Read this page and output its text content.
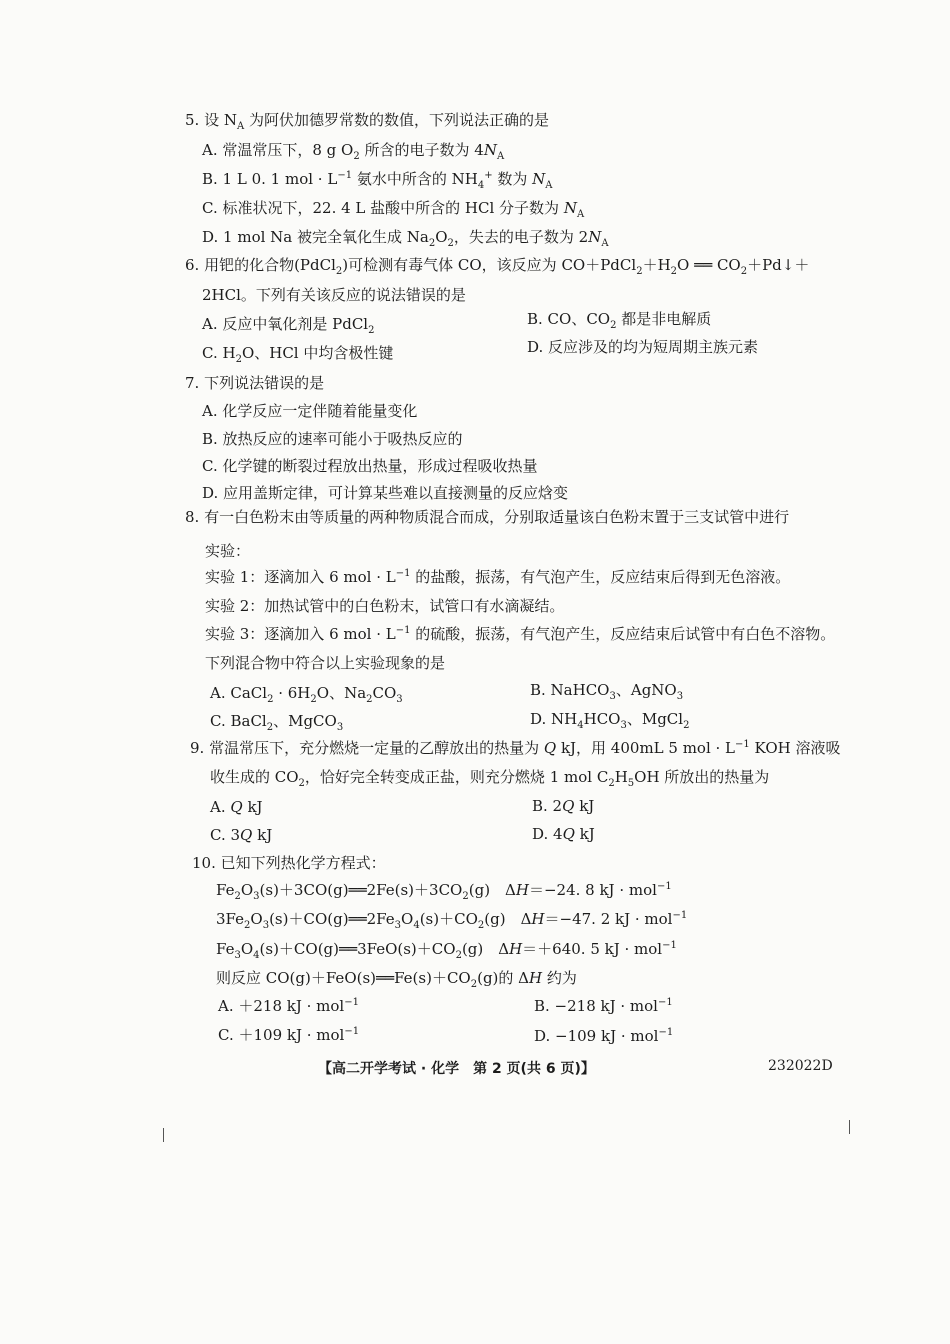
5. 设 $N_A$ 为阿伏加德罗常数的数值，下列说法正确的是
A. 常温常压下，8 g $O_2$ 所含的电子数为 $4N_A$
B. 1 L 0. 1 mol · $L^{-1}$ 氨水中所含的 $NH_4^+$ 数为 $N_A$
C. 标准状况下，22. 4 L 盐酸中所含的 HCl 分子数为 $N_A$
D. 1 mol Na 被完全氧化生成 $Na_2O_2$，失去的电子数为 $2N_A$
6. 用钯的化合物(PdCl$_2$)可检测有毒气体 CO，该反应为 $CO+PdCl_2+H_2O$ ══ $CO_2+Pd↓+$
2HCl。下列有关该反应的说法错误的是
A. 反应中氧化剂是 PdCl$_2$
B. CO、$CO_2$ 都是非电解质
C. $H_2O$、HCl 中均含极性键	D. 反应涉及的均为短周期主族元素
7. 下列说法错误的是
A. 化学反应一定伴随着能量变化
B. 放热反应的速率可能小于吸热反应的
C. 化学键的断裂过程放出热量，形成过程吸收热量
D. 应用盖斯定律，可计算某些难以直接测量的反应焓变
8. 有一白色粉末由等质量的两种物质混合而成，分别取适量该白色粉末置于三支试管中进行
实验：
实验 1：逐滴加入 6 mol · $L^{-1}$ 的盐酸，振荡，有气泡产生，反应结束后得到无色溶液。
实验 2：加热试管中的白色粉末，试管口有水滴凝结。
实验 3：逐滴加入 6 mol · $L^{-1}$ 的硫酸，振荡，有气泡产生，反应结束后试管中有白色不溶物。
下列混合物中符合以上实验现象的是
A. CaCl$_2$ · $6H_2O$、$Na_2CO_3$
B. NaHCO$_3$、AgNO$_3$
C. BaCl$_2$、MgCO$_3$	D. $NH_4HCO_3$、MgCl$_2$
9. 常温常压下，充分燃烧一定量的乙醇放出的热量为 Q kJ，用 400mL 5 mol · $L^{-1}$ KOH 溶液吸
收生成的 $CO_2$，恰好完全转变成正盐，则充分燃烧 1 mol $C_2H_5OH$ 所放出的热量为
A. Q kJ	B. 2Q kJ
C. 3Q kJ	D. 4Q kJ
10. 已知下列热化学方程式：
$Fe_2O_3(s)+3CO(g)══2Fe(s)+3CO_2(g)$　ΔH＝−24. 8 kJ · mol$^{-1}$
$3Fe_2O_3(s)+CO(g)══2Fe_3O_4(s)+CO_2(g)$　ΔH＝−47. 2 kJ · mol$^{-1}$
$Fe_3O_4(s)+CO(g)══3FeO(s)+CO_2(g)$　ΔH＝＋640. 5 kJ · mol$^{-1}$
则反应 $CO(g)+FeO(s)══Fe(s)+CO_2(g)$的 ΔH 约为
A. ＋218 kJ · mol$^{-1}$	B. −218 kJ · mol$^{-1}$
C. ＋109 kJ · mol$^{-1}$	D. −109 kJ · mol$^{-1}$
【高二开学考试 · 化学　第 2 页(共 6 页)】	232022D
